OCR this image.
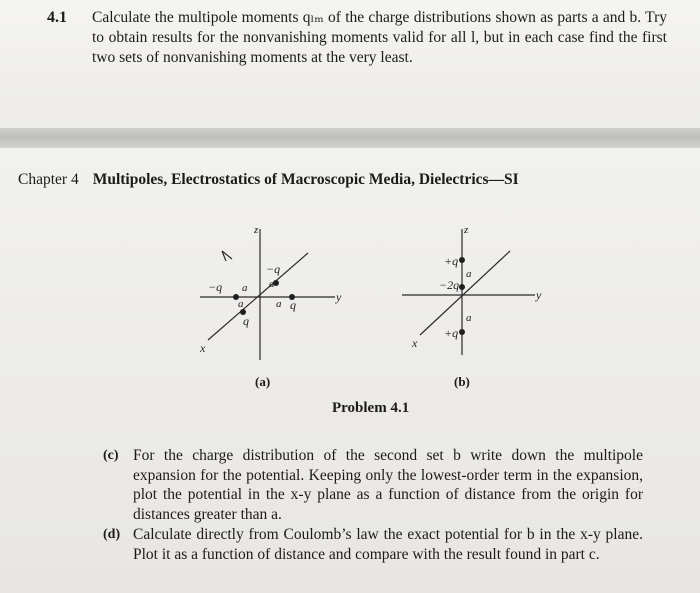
4.1 Calculate the multipole moments qₗₘ of the charge distributions shown as parts a and b. Try to obtain results for the nonvanishing moments valid for all l, but in each case find the first two sets of nonvanishing moments at the very least.
Chapter 4 Multipoles, Electrostatics of Macroscopic Media, Dielectrics—SI
z
y
x
−q
a
−q a
a q
a
q
z
y
x
+q
a
−2q
a
+q
(a)	(b)
Problem 4.1
(c) For the charge distribution of the second set b write down the multipole expansion for the potential. Keeping only the lowest-order term in the expansion, plot the potential in the x-y plane as a function of distance from the origin for distances greater than a.
(d) Calculate directly from Coulomb’s law the exact potential for b in the x-y plane. Plot it as a function of distance and compare with the result found in part c.
